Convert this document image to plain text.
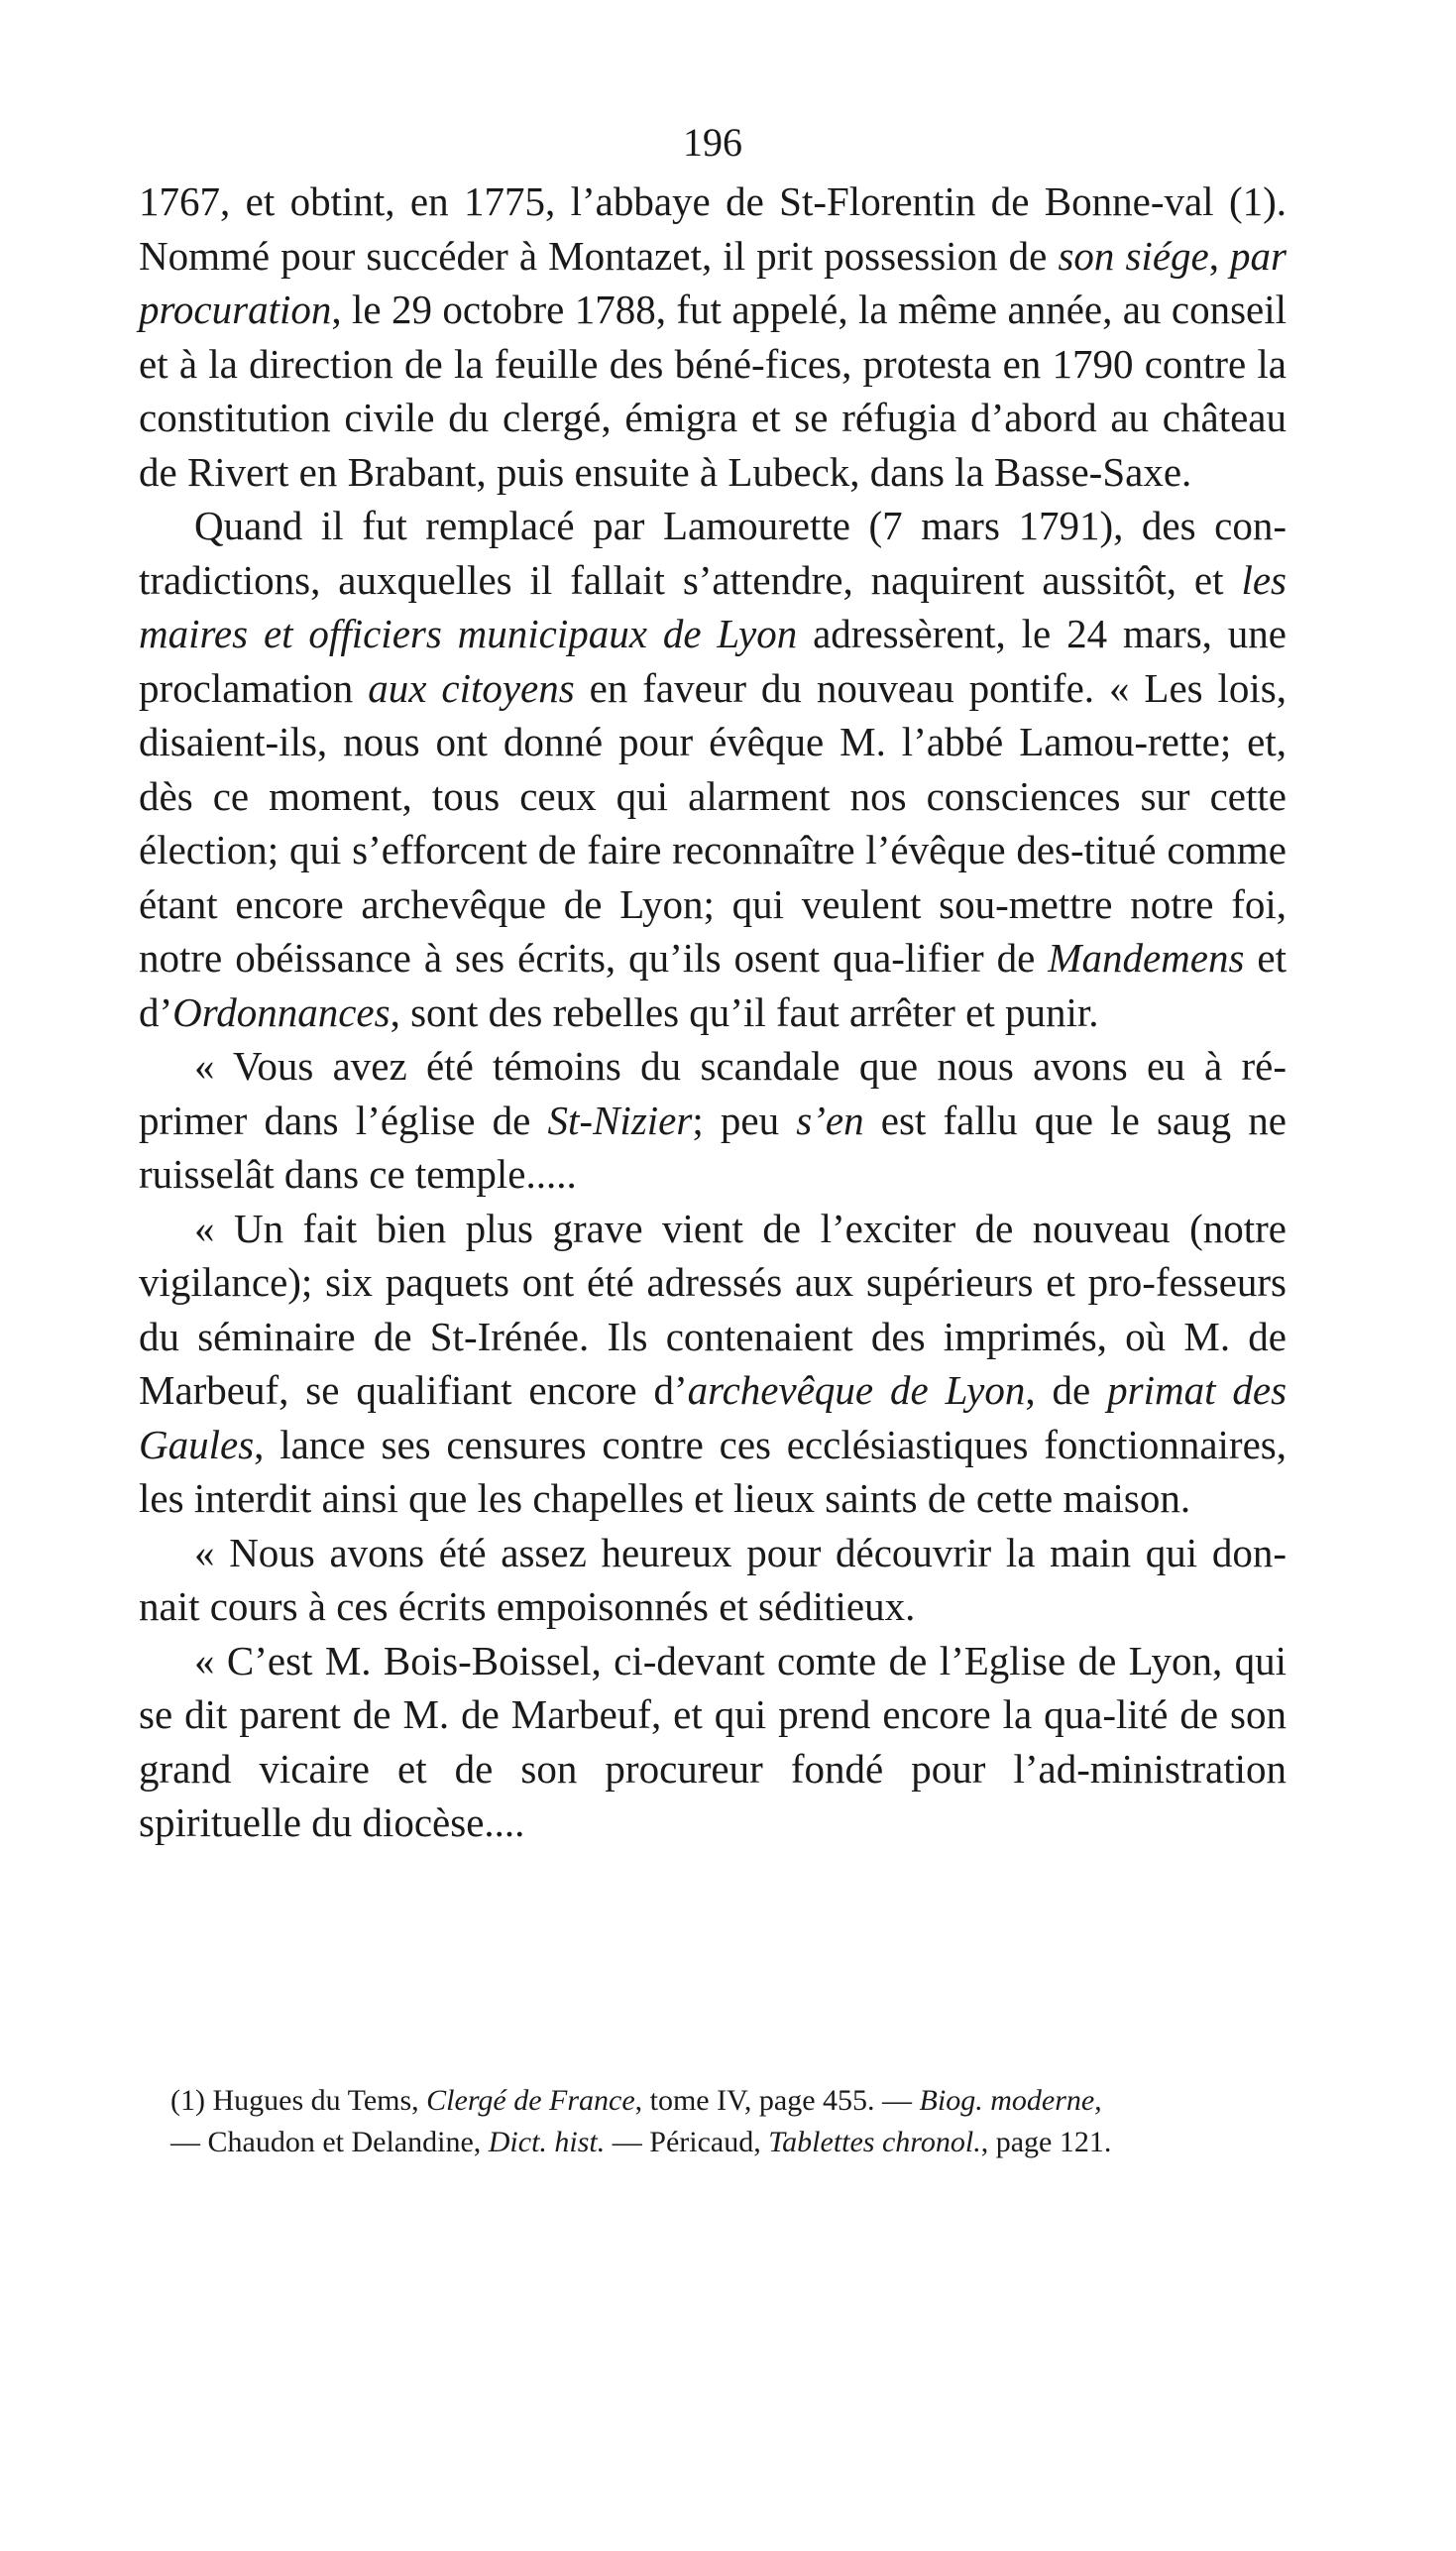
196

1767, et obtint, en 1775, l’abbaye de St-Florentin de Bonne-val (1). Nommé pour succéder à Montazet, il prit possession de son siége, par procuration, le 29 octobre 1788, fut appelé, la même année, au conseil et à la direction de la feuille des béné-fices, protesta en 1790 contre la constitution civile du clergé, émigra et se réfugia d’abord au château de Rivert en Brabant, puis ensuite à Lubeck, dans la Basse-Saxe.

Quand il fut remplacé par Lamourette (7 mars 1791), des con-tradictions, auxquelles il fallait s’attendre, naquirent aussitôt, et les maires et officiers municipaux de Lyon adressèrent, le 24 mars, une proclamation aux citoyens en faveur du nouveau pontife. « Les lois, disaient-ils, nous ont donné pour évêque M. l’abbé Lamou-rette; et, dès ce moment, tous ceux qui alarment nos consciences sur cette élection; qui s’efforcent de faire reconnaître l’évêque des-titué comme étant encore archevêque de Lyon; qui veulent sou-mettre notre foi, notre obéissance à ses écrits, qu’ils osent qua-lifier de Mandemens et d’Ordonnances, sont des rebelles qu’il faut arrêter et punir.

« Vous avez été témoins du scandale que nous avons eu à ré-primer dans l’église de St-Nizier; peu s’en est fallu que le saug ne ruisselât dans ce temple.....

« Un fait bien plus grave vient de l’exciter de nouveau (notre vigilance); six paquets ont été adressés aux supérieurs et pro-fesseurs du séminaire de St-Irénée. Ils contenaient des imprimés, où M. de Marbeuf, se qualifiant encore d’archevêque de Lyon, de primat des Gaules, lance ses censures contre ces ecclésiastiques fonctionnaires, les interdit ainsi que les chapelles et lieux saints de cette maison.

« Nous avons été assez heureux pour découvrir la main qui don-nait cours à ces écrits empoisonnés et séditieux.

« C’est M. Bois-Boissel, ci-devant comte de l’Eglise de Lyon, qui se dit parent de M. de Marbeuf, et qui prend encore la qua-lité de son grand vicaire et de son procureur fondé pour l’ad-ministration spirituelle du diocèse....

(1) Hugues du Tems, Clergé de France, tome IV, page 455. — Biog. moderne,

— Chaudon et Delandine, Dict. hist. — Péricaud, Tablettes chronol., page 121.
